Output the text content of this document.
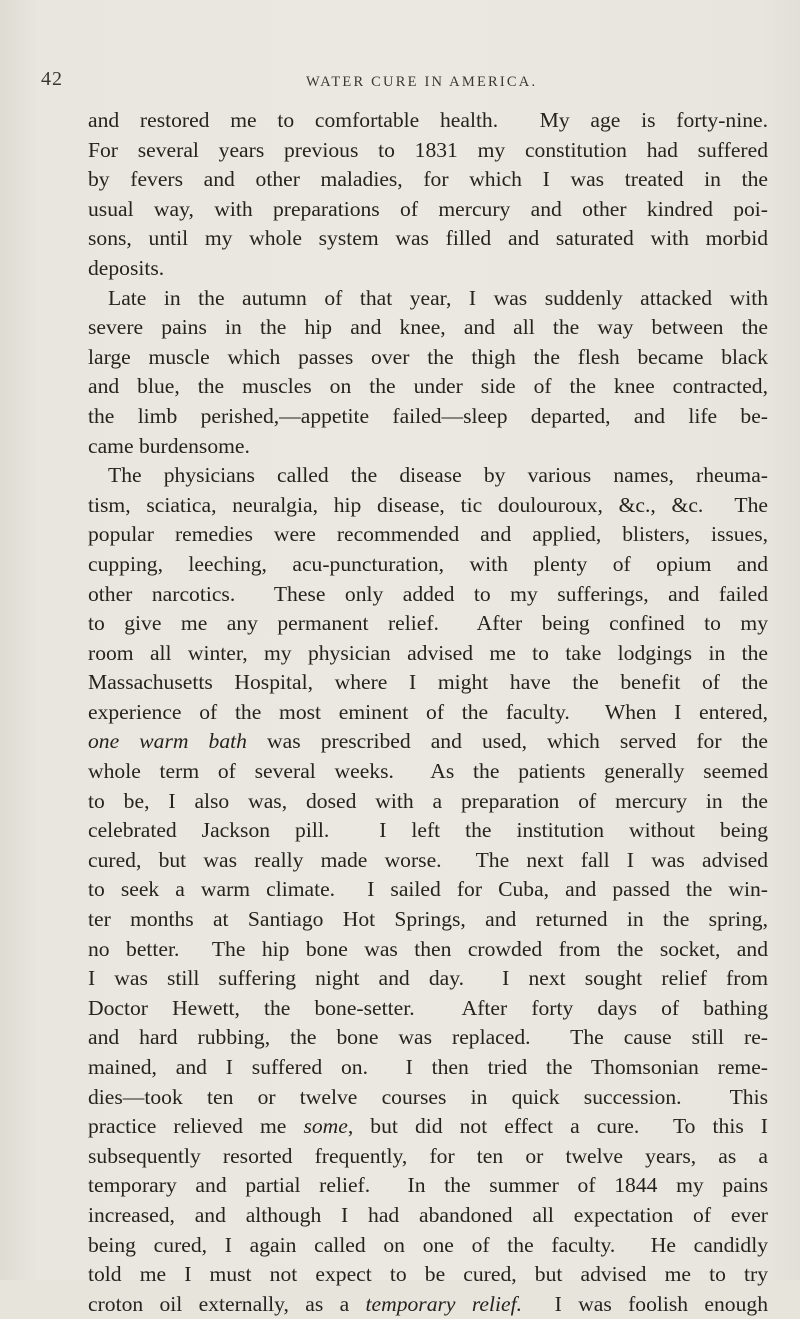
42	WATER CURE IN AMERICA.
and restored me to comfortable health.  My age is forty-nine.
For several years previous to 1831 my constitution had suffered
by fevers and other maladies, for which I was treated in the
usual way, with preparations of mercury and other kindred poi-
sons, until my whole system was filled and saturated with morbid
deposits.
Late in the autumn of that year, I was suddenly attacked with
severe pains in the hip and knee, and all the way between the
large muscle which passes over the thigh the flesh became black
and blue, the muscles on the under side of the knee contracted,
the limb perished,—appetite failed—sleep departed, and life be-
came burdensome.
The physicians called the disease by various names, rheuma-
tism, sciatica, neuralgia, hip disease, tic doulouroux, &c., &c.  The
popular remedies were recommended and applied, blisters, issues,
cupping, leeching, acu-puncturation, with plenty of opium and
other narcotics.  These only added to my sufferings, and failed
to give me any permanent relief.  After being confined to my
room all winter, my physician advised me to take lodgings in the
Massachusetts Hospital, where I might have the benefit of the
experience of the most eminent of the faculty.  When I entered,
one warm bath was prescribed and used, which served for the
whole term of several weeks.  As the patients generally seemed
to be, I also was, dosed with a preparation of mercury in the
celebrated Jackson pill.  I left the institution without being
cured, but was really made worse.  The next fall I was advised
to seek a warm climate.  I sailed for Cuba, and passed the win-
ter months at Santiago Hot Springs, and returned in the spring,
no better.  The hip bone was then crowded from the socket, and
I was still suffering night and day.  I next sought relief from
Doctor Hewett, the bone-setter.  After forty days of bathing
and hard rubbing, the bone was replaced.  The cause still re-
mained, and I suffered on.  I then tried the Thomsonian reme-
dies—took ten or twelve courses in quick succession.  This
practice relieved me some, but did not effect a cure.  To this I
subsequently resorted frequently, for ten or twelve years, as a
temporary and partial relief.  In the summer of 1844 my pains
increased, and although I had abandoned all expectation of ever
being cured, I again called on one of the faculty.  He candidly
told me I must not expect to be cured, but advised me to try
croton oil externally, as a temporary relief.  I was foolish enough
